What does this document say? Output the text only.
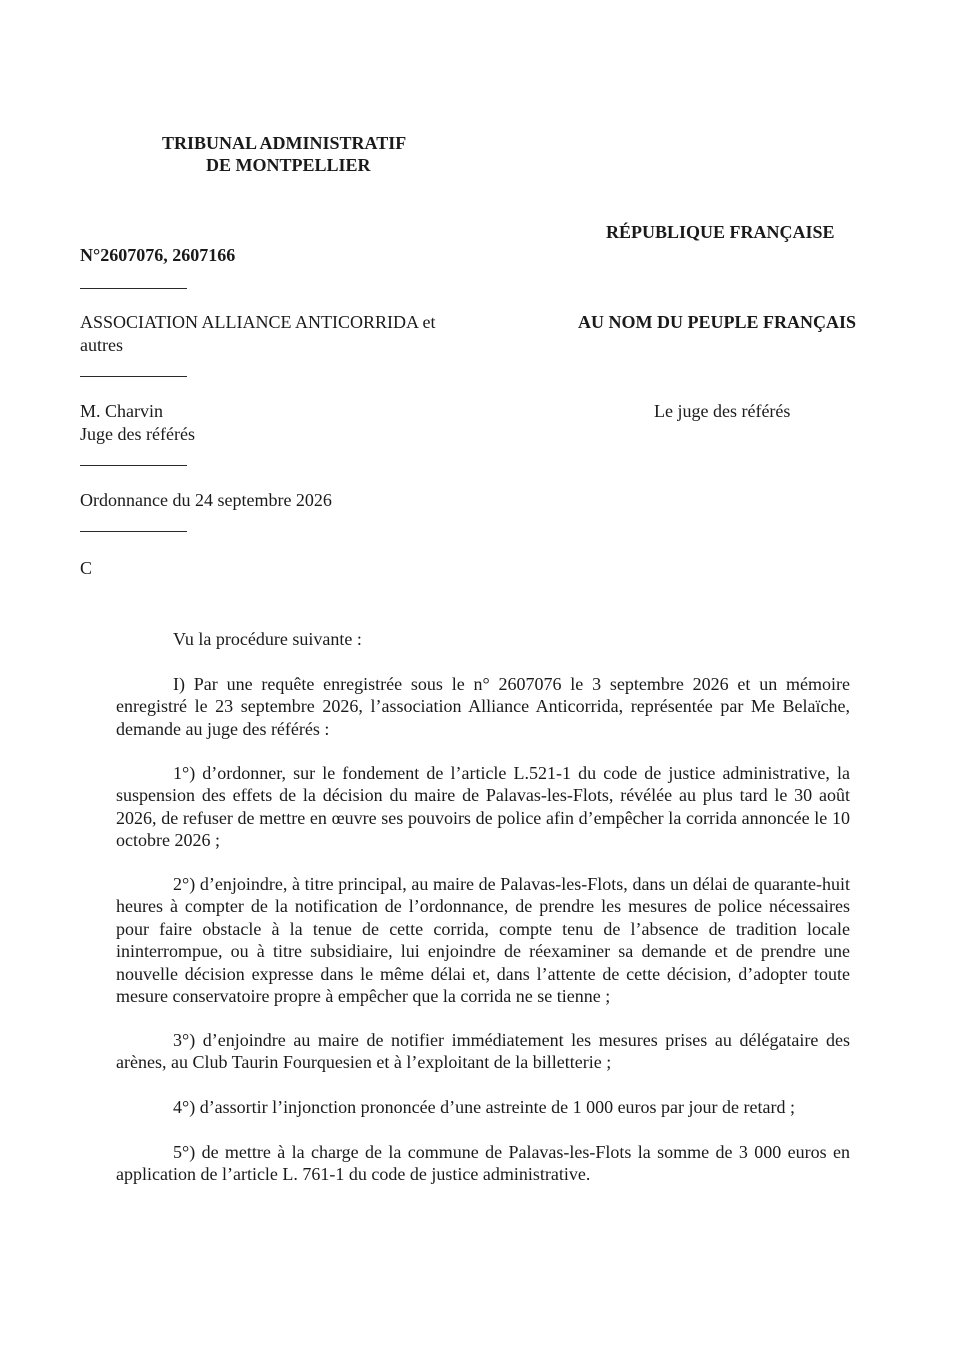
TRIBUNAL ADMINISTRATIF
DE MONTPELLIER
RÉPUBLIQUE FRANÇAISE
N°2607076, 2607166
ASSOCIATION ALLIANCE ANTICORRIDA et
autres
AU NOM DU PEUPLE FRANÇAIS
M. Charvin
Juge des référés
Le juge des référés
Ordonnance du 24 septembre 2026
C
Vu la procédure suivante :

I) Par une requête enregistrée sous le n° 2607076 le 3 septembre 2026 et un mémoire enregistré le 23 septembre 2026, l’association Alliance Anticorrida, représentée par Me Belaïche, demande au juge des référés :

1°) d’ordonner, sur le fondement de l’article L.521-1 du code de justice administrative, la suspension des effets de la décision du maire de Palavas-les-Flots, révélée au plus tard le 30 août 2026, de refuser de mettre en œuvre ses pouvoirs de police afin d’empêcher la corrida annoncée le 10 octobre 2026 ;

2°) d’enjoindre, à titre principal, au maire de Palavas-les-Flots, dans un délai de quarante-huit heures à compter de la notification de l’ordonnance, de prendre les mesures de police nécessaires pour faire obstacle à la tenue de cette corrida, compte tenu de l’absence de tradition locale ininterrompue, ou à titre subsidiaire, lui enjoindre de réexaminer sa demande et de prendre une nouvelle décision expresse dans le même délai et, dans l’attente de cette décision, d’adopter toute mesure conservatoire propre à empêcher que la corrida ne se tienne ;

3°) d’enjoindre au maire de notifier immédiatement les mesures prises au délégataire des arènes, au Club Taurin Fourquesien et à l’exploitant de la billetterie ;

4°) d’assortir l’injonction prononcée d’une astreinte de 1 000 euros par jour de retard ;

5°) de mettre à la charge de la commune de Palavas-les-Flots la somme de 3 000 euros en application de l’article L. 761-1 du code de justice administrative.
